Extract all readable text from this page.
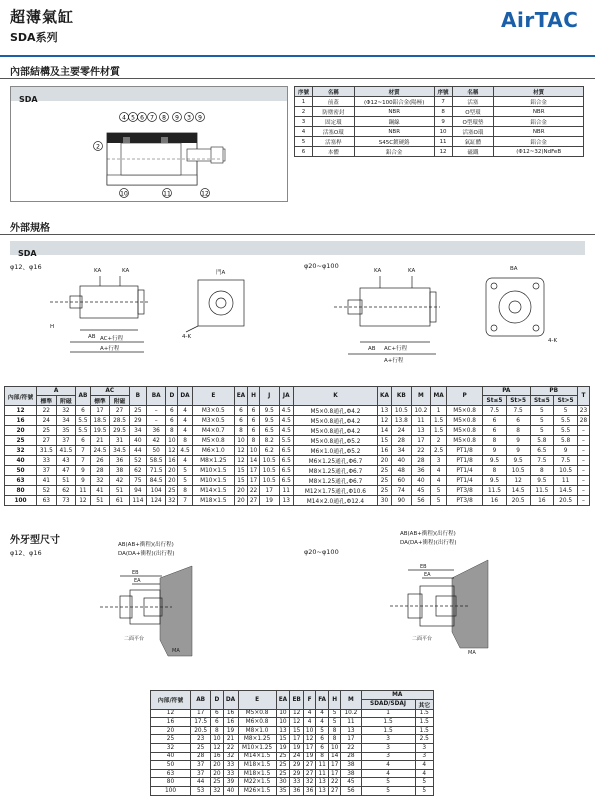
超薄氣缸
SDA系列
AirTAC
內部結構及主要零件材質
SDA
4 5 6 7 8 9 3 9
2
10	11	12
序號	名稱	材質	序號	名稱	材質
1	前蓋	(Φ12~100鋁合金(陽極)	7	活塞	鋁合金
2	防塵密封	NBR	8	O型環	NBR
3	固定環	鋼線	9	O型環墊	鋁合金
4	活塞O環	NBR	10	活塞O環	NBR
5	活塞桿	S45C鍍硬鉻	11	氣缸體	鋁合金
6	本體	鋁合金	12	磁鐵	(Φ12~32)NdFeB
外部規格
SDA
φ12、φ16	φ20~φ100
KA	KA
H
AB AC+行程
A+行程
門A
4-K
KA	KA
AB AC+行程
A+行程
BA
4-K
內部/符號	A		AB	AC		B	BA	D	DA	E	EA	H	J	JA	K	KA	KB	M	MA	P	PA		PB		T
	標準	附磁		標準	附磁																St≤5	St>5	St≤5	St>5	
12	22	32	6	17	27	25	–	6	4	M3×0.5	6	6	9.5	4.5	M5×0.8通孔,Φ4.2	13	10.5	10.2	1	M5×0.8	7.5	7.5	5	5	23
16	24	34	5.5	18.5	28.5	29	–	6	4	M3×0.5	6	6	9.5	4.5	M5×0.8通孔,Φ4.2	12	13.8	11	1.5	M5×0.8	6	6	5	5.5	28
20	25	35	5.5	19.5	29.5	34	36	8	4	M4×0.7	8	6	6.5	4.5	M5×0.8通孔,Φ4.2	14	24	13	1.5	M5×0.8	6	8	5	5.5	–
25	27	37	6	21	31	40	42	10	8	M5×0.8	10	8	8.2	5.5	M5×0.8通孔,Φ5.2	15	28	17	2	M5×0.8	8	9	5.8	5.8	–
32	31.5	41.5	7	24.5	34.5	44	50	12	4.5	M6×1.0	12	10	6.2	6.5	M6×1.0通孔,Φ5.2	16	34	22	2.5	PT1/8	9	9	6.5	9	–
40	33	43	7	26	36	52	58.5	16	4	M8×1.25	12	14	10.5	6.5	M6×1.25通孔,Φ6.7	20	40	28	3	PT1/8	9.5	9.5	7.5	7.5	–
50	37	47	9	28	38	62	71.5	20	5	M10×1.5	15	17	10.5	6.5	M8×1.25通孔,Φ6.7	25	48	36	4	PT1/4	8	10.5	8	10.5	–
63	41	51	9	32	42	75	84.5	20	5	M10×1.5	15	17	10.5	6.5	M8×1.25通孔,Φ6.7	25	60	40	4	PT1/4	9.5	12	9.5	11	–
80	52	62	11	41	51	94	104	25	8	M14×1.5	20	22	17	11	M12×1.75通孔,Φ10.6	25	74	45	5	PT3/8	11.5	14.5	11.5	14.5	–
100	63	73	12	51	61	114	124	32	7	M18×1.5	20	27	19	13	M14×2.0通孔,Φ12.4	30	90	56	5	PT3/8	16	20.5	16	20.5	–
外牙型尺寸
φ12、φ16	φ20~φ100
AB(AB+衝程)(出行程)
DA(DA+衝程)(出行程)
AB(AB+衝程)(出行程)
DA(DA+衝程)(出行程)
EB
EA
二面平台
MA
EB
EA
二面平台
MA
內部/符號	AB	D	DA	E	EA	EB	F	FA	H	M	MA	
											SDAD/SDAJ	其它
12	17	6	16	M5×0.8	10	12	4	4	5	10.2	1	1.5
16	17.5	6	16	M6×0.8	10	12	4	4	5	11	1.5	1.5
20	20.5	8	19	M8×1.0	13	15	10	5	8	13	1.5	1.5
25	23	10	21	M8×1.25	15	17	12	6	8	17	3	2.5
32	25	12	22	M10×1.25	19	19	17	6	10	22	3	3
40	28	16	32	M14×1.5	25	24	19	8	14	28	3	3
50	37	20	33	M18×1.5	25	29	27	11	17	38	4	4
63	37	20	33	M18×1.5	25	29	27	11	17	38	4	4
80	44	25	39	M22×1.5	30	33	32	13	22	45	5	5
100	53	32	40	M26×1.5	35	36	36	13	27	56	5	5
